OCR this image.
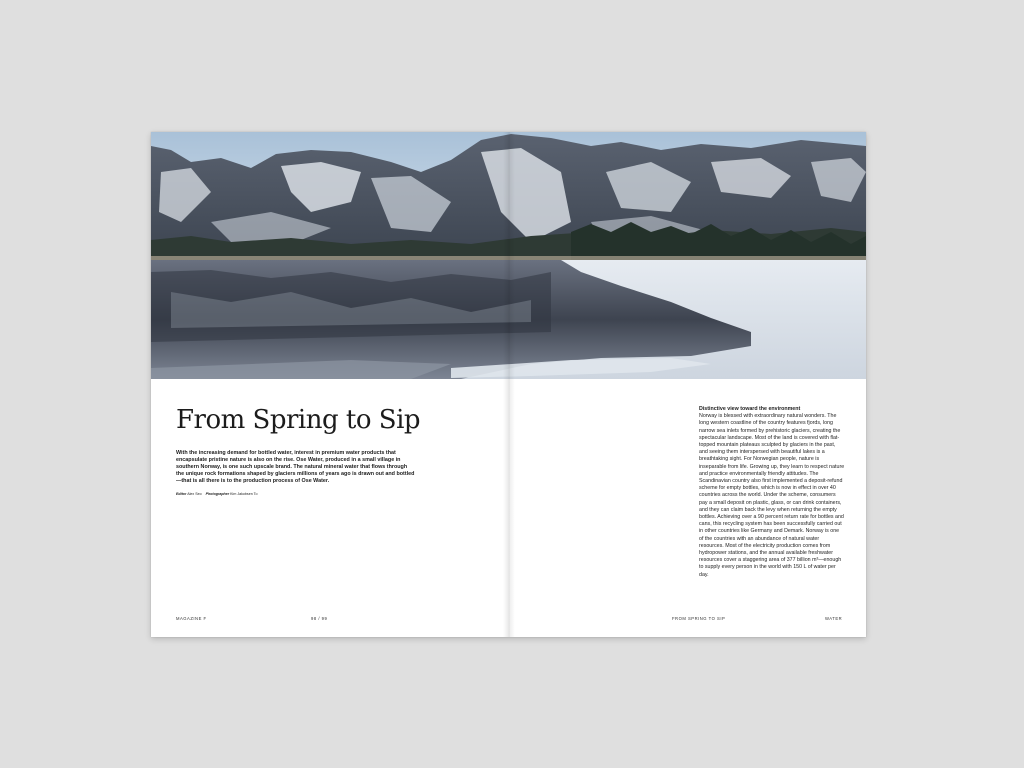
From Spring to Sip

With the increasing demand for bottled water, interest in premium water products that encapsulate pristine nature is also on the rise. Ose Water, produced in a small village in southern Norway, is one such upscale brand. The natural mineral water that flows through the unique rock formations shaped by glaciers millions of years ago is drawn out and bottled—that is all there is to the production process of Ose Water.

Editor Alex Seo Photographer Kim Jakobsen To
Distinctive view toward the environment

Norway is blessed with extraordinary natural wonders. The long western coastline of the country features fjords, long narrow sea inlets formed by prehistoric glaciers, creating the spectacular landscape. Most of the land is covered with flat-topped mountain plateaus sculpted by glaciers in the past, and seeing them interspersed with beautiful lakes is a breathtaking sight. For Norwegian people, nature is inseparable from life. Growing up, they learn to respect nature and practice environmentally friendly attitudes. The Scandinavian country also first implemented a deposit-refund scheme for empty bottles, which is now in effect in over 40 countries across the world. Under the scheme, consumers pay a small deposit on plastic, glass, or can drink containers, and they can claim back the levy when returning the empty bottles. Achieving over a 90 percent return rate for bottles and cans, this recycling system has been successfully carried out in other countries like Germany and Demark. Norway is one of the countries with an abundance of natural water resources. Most of the electricity production comes from hydropower stations, and the annual available freshwater resources cover a staggering area of 377 billion m³—enough to supply every person in the world with 150 L of water per day.

MAGAZINE F	98 / 99	FROM SPRING TO SIP	WATER
